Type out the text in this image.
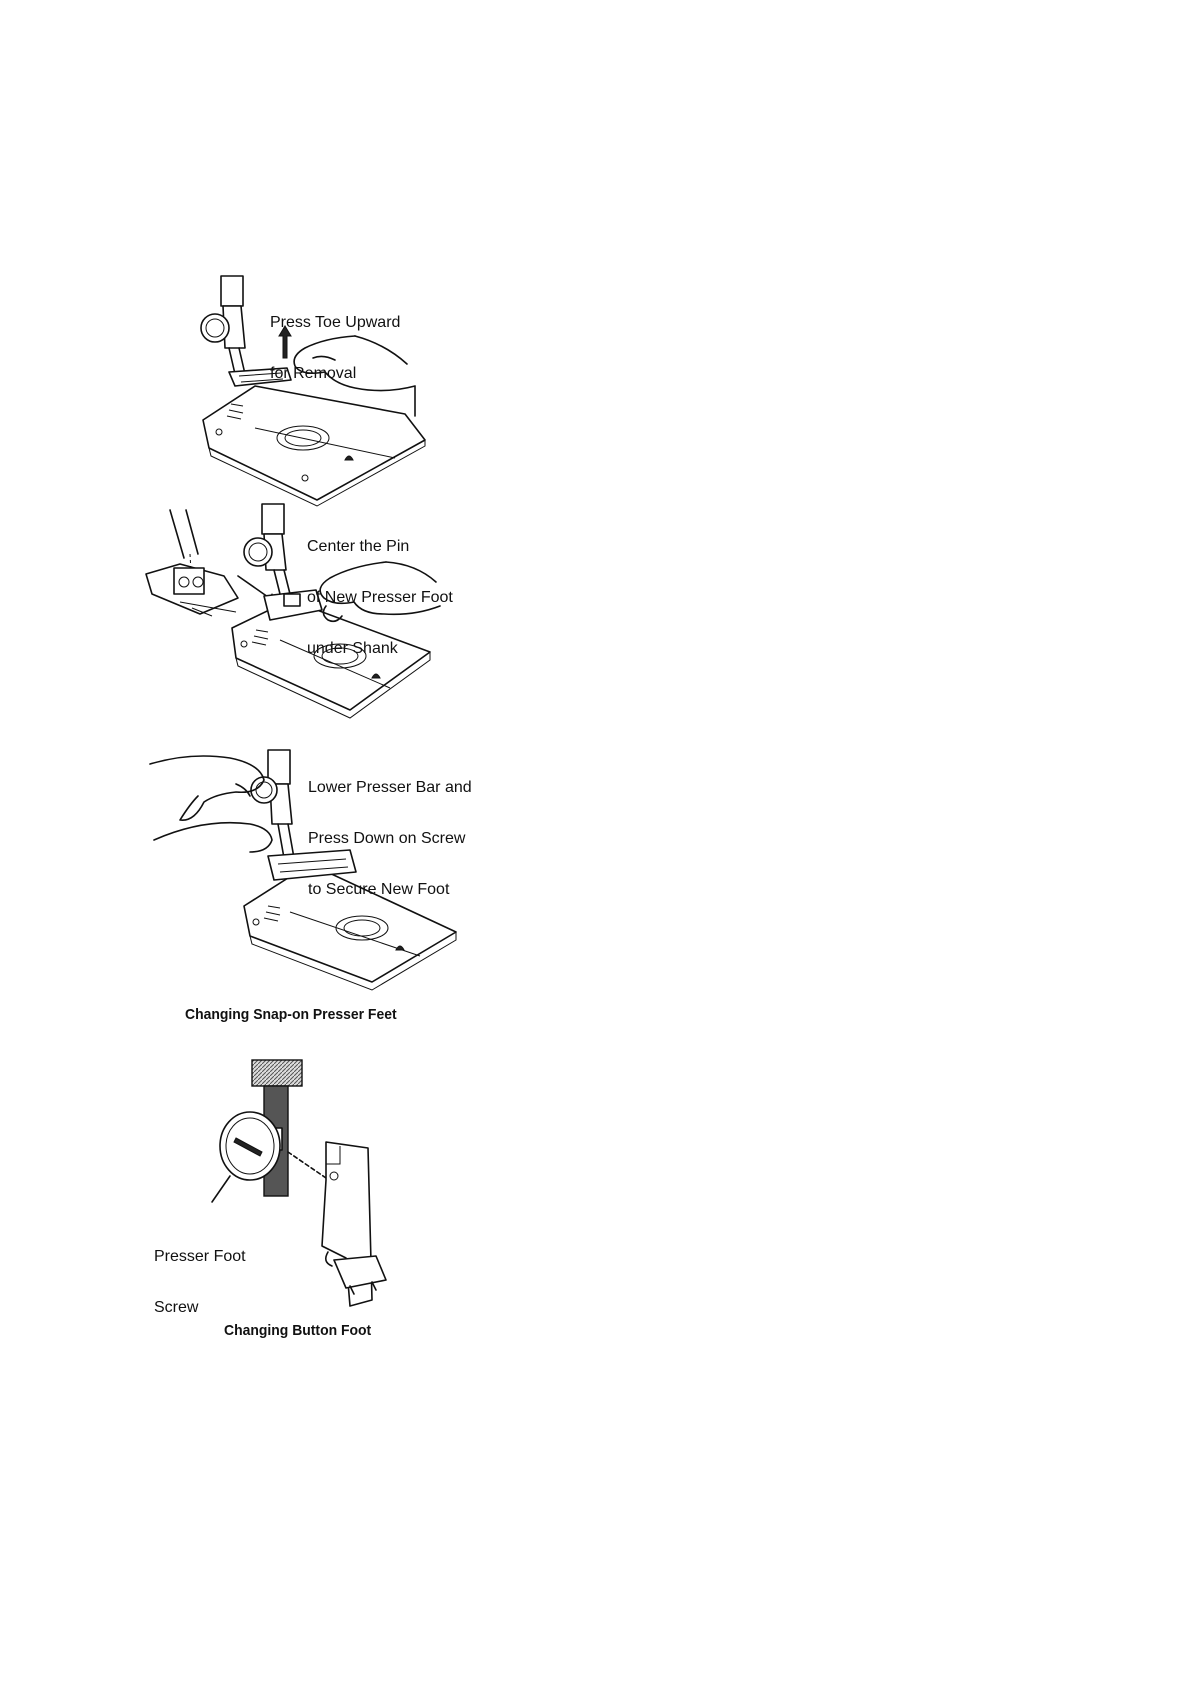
Press Toe Upward

for Removal

Center the Pin

of New Presser Foot

under Shank

Lower Presser Bar and

Press Down on Screw

to Secure New Foot

Changing Snap-on Presser Feet

Presser Foot

Screw

Changing Button Foot
